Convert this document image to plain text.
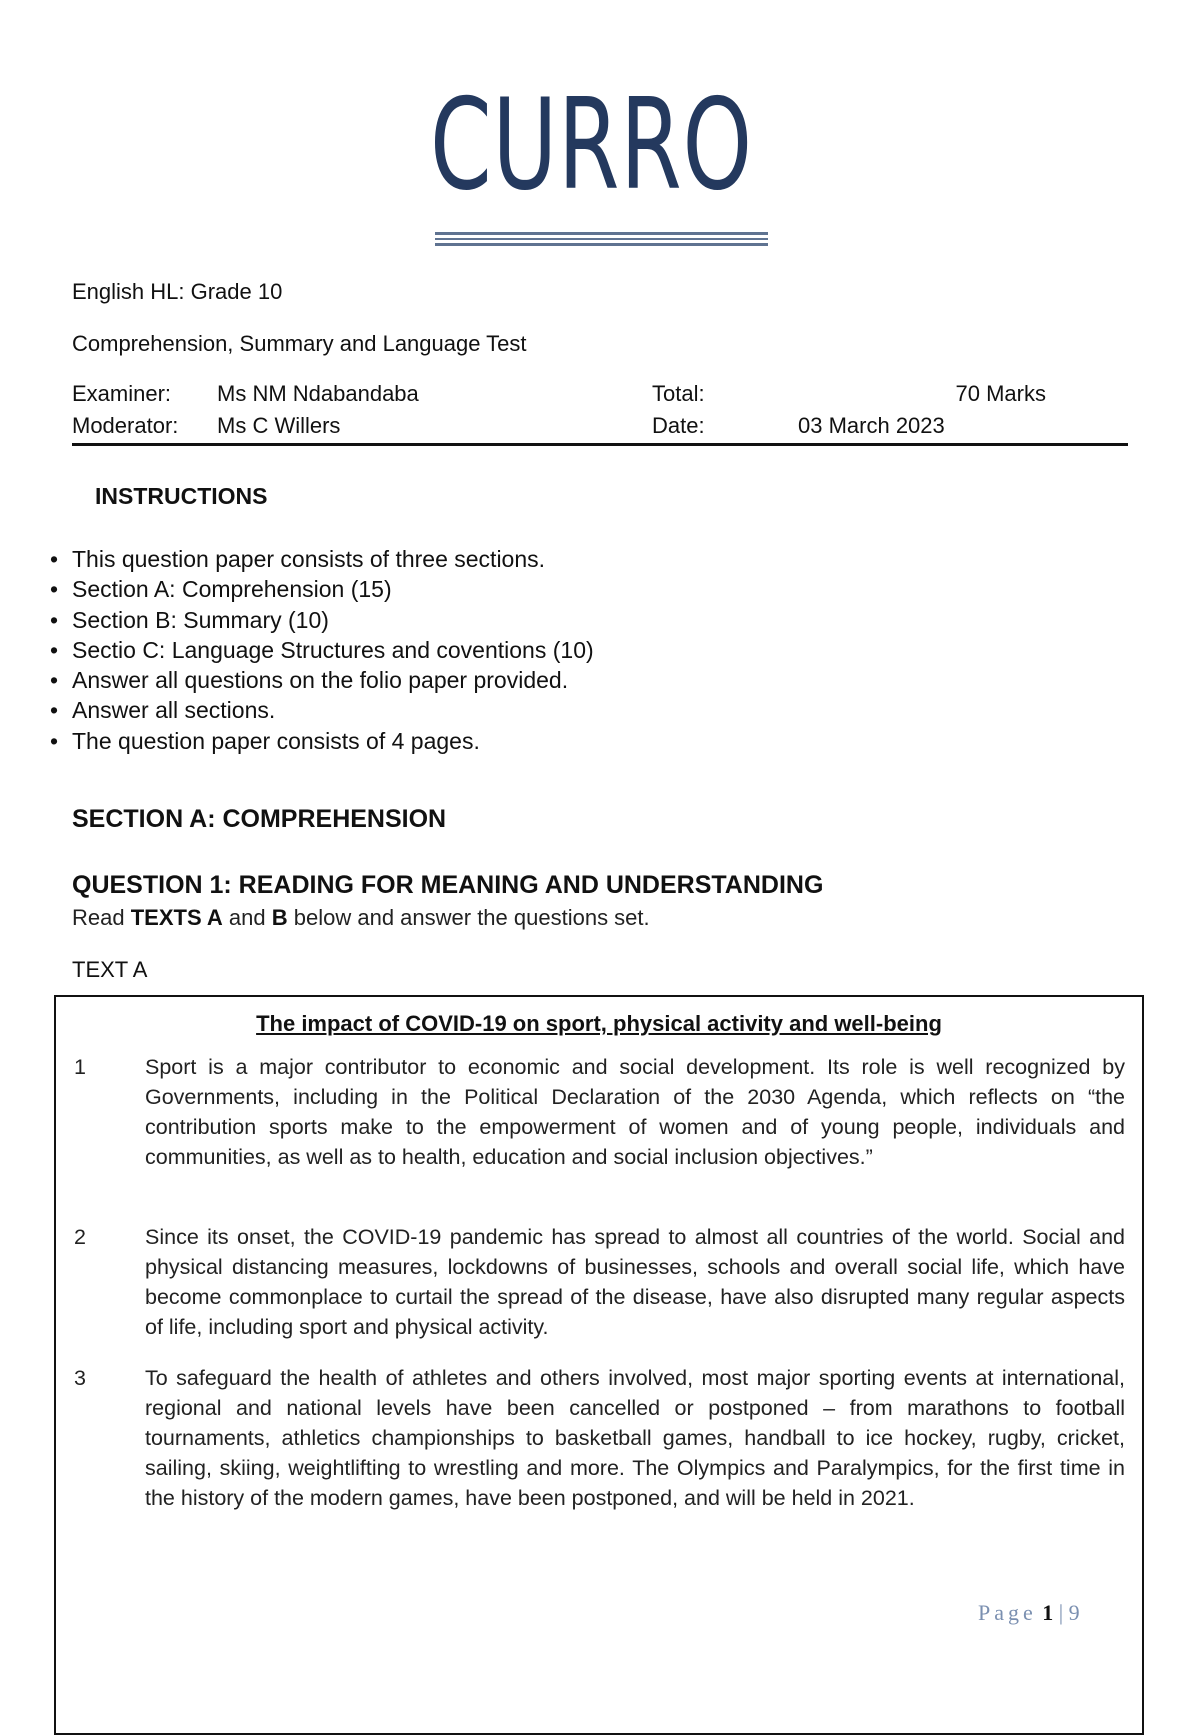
CURRO
English HL: Grade 10
Comprehension, Summary and Language Test
Examiner: Ms NM Ndabandaba	Total:	70 Marks
Moderator: Ms C Willers	Date:	03 March 2023
INSTRUCTIONS
• This question paper consists of three sections.
• Section A: Comprehension (15)
• Section B: Summary (10)
• Sectio C: Language Structures and coventions (10)
• Answer all questions on the folio paper provided.
• Answer all sections.
• The question paper consists of 4 pages.
SECTION A: COMPREHENSION
QUESTION 1: READING FOR MEANING AND UNDERSTANDING
Read TEXTS A and B below and answer the questions set.
TEXT A
The impact of COVID-19 on sport, physical activity and well-being
1	Sport is a major contributor to economic and social development. Its role is well recognized by Governments, including in the Political Declaration of the 2030 Agenda, which reflects on “the contribution sports make to the empowerment of women and of young people, individuals and communities, as well as to health, education and social inclusion objectives.”
2	Since its onset, the COVID-19 pandemic has spread to almost all countries of the world. Social and physical distancing measures, lockdowns of businesses, schools and overall social life, which have become commonplace to curtail the spread of the disease, have also disrupted many regular aspects of life, including sport and physical activity.
3	To safeguard the health of athletes and others involved, most major sporting events at international, regional and national levels have been cancelled or postponed – from marathons to football tournaments, athletics championships to basketball games, handball to ice hockey, rugby, cricket, sailing, skiing, weightlifting to wrestling and more. The Olympics and Paralympics, for the first time in the history of the modern games, have been postponed, and will be held in 2021.
Page 1 | 9
